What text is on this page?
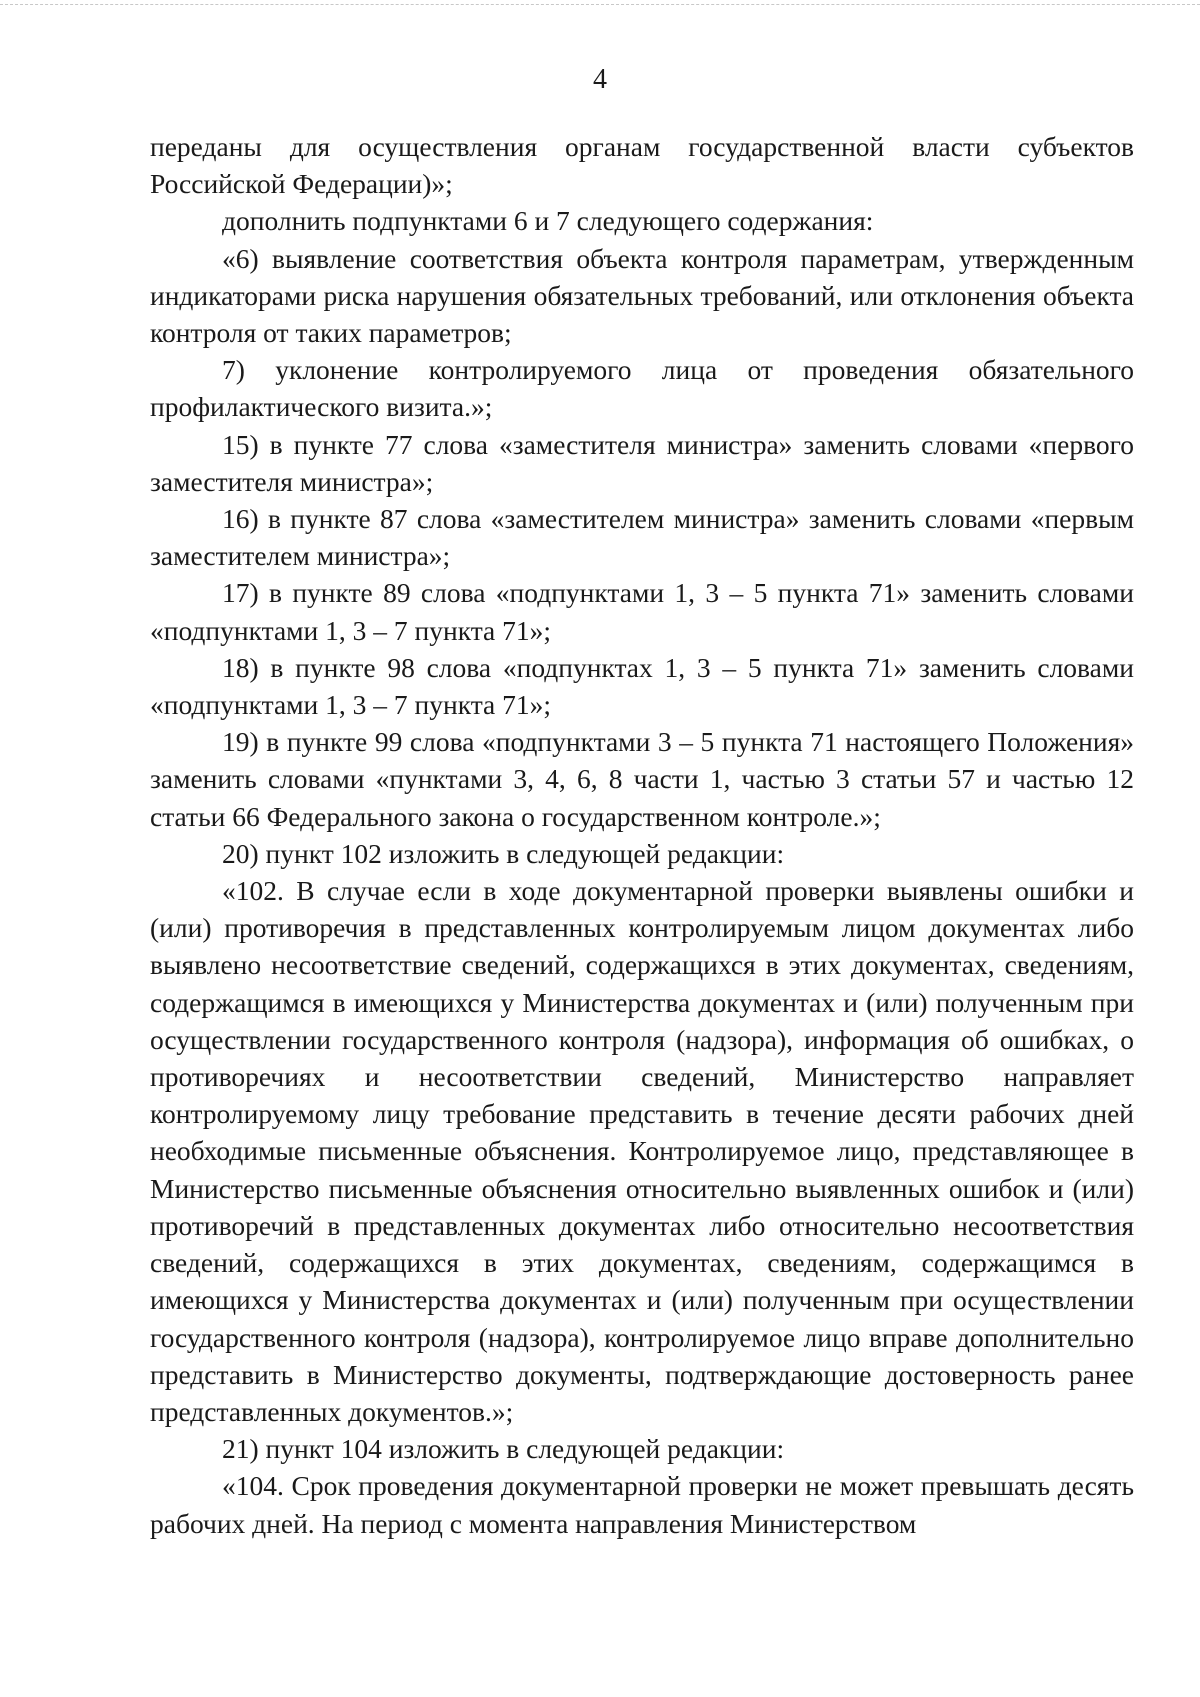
4

переданы для осуществления органам государственной власти субъектов Российской Федерации)»;

дополнить подпунктами 6 и 7 следующего содержания:

«6) выявление соответствия объекта контроля параметрам, утвержденным индикаторами риска нарушения обязательных требований, или отклонения объекта контроля от таких параметров;

7) уклонение контролируемого лица от проведения обязательного профилактического визита.»;

15) в пункте 77 слова «заместителя министра» заменить словами «первого заместителя министра»;

16) в пункте 87 слова «заместителем министра» заменить словами «первым заместителем министра»;

17) в пункте 89 слова «подпунктами 1, 3 – 5 пункта 71» заменить словами «подпунктами 1, 3 – 7 пункта 71»;

18) в пункте 98 слова «подпунктах 1, 3 – 5 пункта 71» заменить словами «подпунктами 1, 3 – 7 пункта 71»;

19) в пункте 99 слова «подпунктами 3 – 5 пункта 71 настоящего Положения» заменить словами «пунктами 3, 4, 6, 8 части 1, частью 3 статьи 57 и частью 12 статьи 66 Федерального закона о государственном контроле.»;

20) пункт 102 изложить в следующей редакции:

«102. В случае если в ходе документарной проверки выявлены ошибки и (или) противоречия в представленных контролируемым лицом документах либо выявлено несоответствие сведений, содержащихся в этих документах, сведениям, содержащимся в имеющихся у Министерства документах и (или) полученным при осуществлении государственного контроля (надзора), информация об ошибках, о противоречиях и несоответствии сведений, Министерство направляет контролируемому лицу требование представить в течение десяти рабочих дней необходимые письменные объяснения. Контролируемое лицо, представляющее в Министерство письменные объяснения относительно выявленных ошибок и (или) противоречий в представленных документах либо относительно несоответствия сведений, содержащихся в этих документах, сведениям, содержащимся в имеющихся у Министерства документах и (или) полученным при осуществлении государственного контроля (надзора), контролируемое лицо вправе дополнительно представить в Министерство документы, подтверждающие достоверность ранее представленных документов.»;

21) пункт 104 изложить в следующей редакции:

«104. Срок проведения документарной проверки не может превышать десять рабочих дней. На период с момента направления Министерством
